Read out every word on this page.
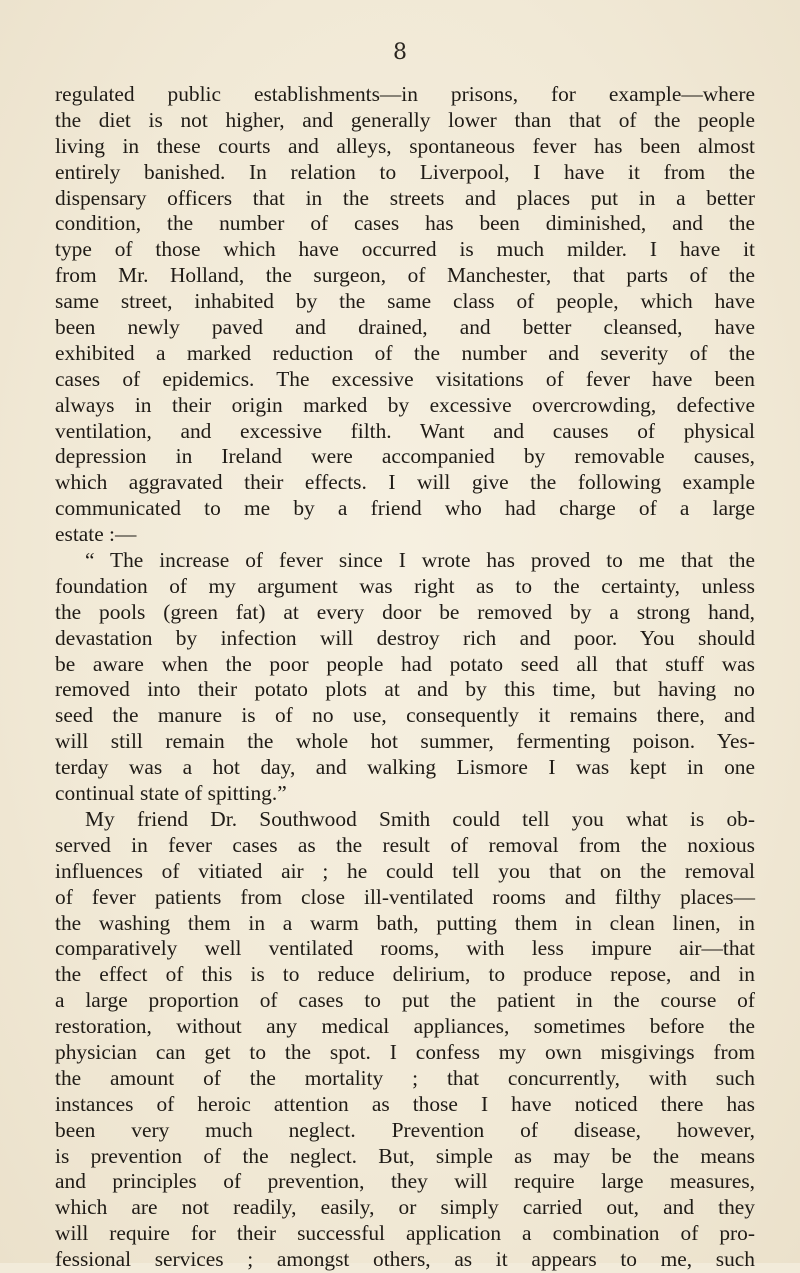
8
regulated public establishments—in prisons, for example—where
the diet is not higher, and generally lower than that of the people
living in these courts and alleys, spontaneous fever has been almost
entirely banished. In relation to Liverpool, I have it from the
dispensary officers that in the streets and places put in a better
condition, the number of cases has been diminished, and the
type of those which have occurred is much milder. I have it
from Mr. Holland, the surgeon, of Manchester, that parts of the
same street, inhabited by the same class of people, which have
been newly paved and drained, and better cleansed, have
exhibited a marked reduction of the number and severity of the
cases of epidemics. The excessive visitations of fever have been
always in their origin marked by excessive overcrowding, defective
ventilation, and excessive filth. Want and causes of physical
depression in Ireland were accompanied by removable causes,
which aggravated their effects. I will give the following example
communicated to me by a friend who had charge of a large
estate :—
“ The increase of fever since I wrote has proved to me that the
foundation of my argument was right as to the certainty, unless
the pools (green fat) at every door be removed by a strong hand,
devastation by infection will destroy rich and poor. You should
be aware when the poor people had potato seed all that stuff was
removed into their potato plots at and by this time, but having no
seed the manure is of no use, consequently it remains there, and
will still remain the whole hot summer, fermenting poison. Yes-
terday was a hot day, and walking Lismore I was kept in one
continual state of spitting.”
My friend Dr. Southwood Smith could tell you what is ob-
served in fever cases as the result of removal from the noxious
influences of vitiated air ; he could tell you that on the removal
of fever patients from close ill-ventilated rooms and filthy places—
the washing them in a warm bath, putting them in clean linen, in
comparatively well ventilated rooms, with less impure air—that
the effect of this is to reduce delirium, to produce repose, and in
a large proportion of cases to put the patient in the course of
restoration, without any medical appliances, sometimes before the
physician can get to the spot. I confess my own misgivings from
the amount of the mortality ; that concurrently, with such
instances of heroic attention as those I have noticed there has
been very much neglect. Prevention of disease, however,
is prevention of the neglect. But, simple as may be the means
and principles of prevention, they will require large measures,
which are not readily, easily, or simply carried out, and they
will require for their successful application a combination of pro-
fessional services ; amongst others, as it appears to me, such
